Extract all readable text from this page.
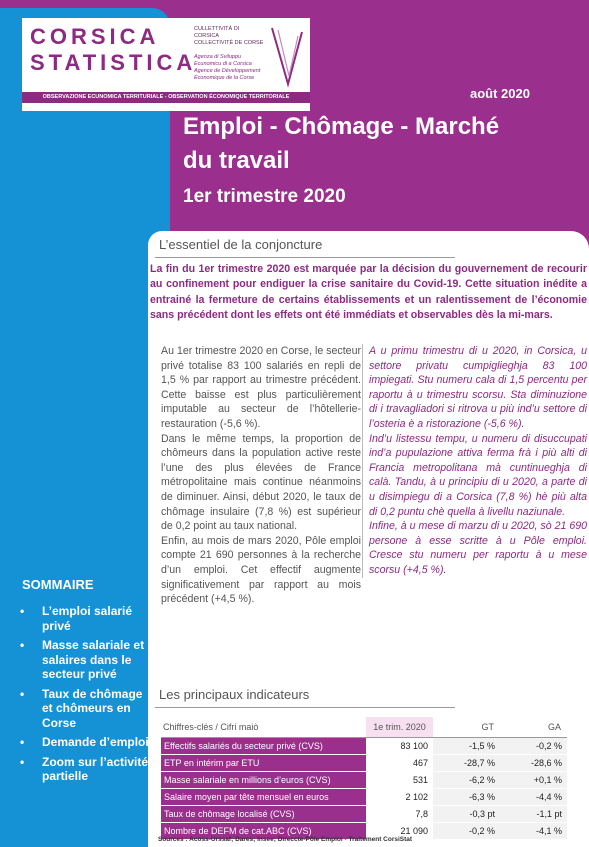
CORSICA
STATISTICA
CULLETTIVITÀ DI CORSICA
COLLECTIVITÉ DE CORSE
Agenza di Sviluppu Ecunomicu di a Corsica
Agence de Développement Économique de la Corse
OBSERVAZIONE ECUNOMICA TERRITURIALE - OBSERVATION ÉCONOMIQUE TERRITORIALE	août 2020
Emploi - Chômage - Marché
du travail
1er trimestre 2020
L’essentiel de la conjoncture
La fin du 1er trimestre 2020 est marquée par la décision du gouvernement de recourir au confinement pour endiguer la crise sanitaire du Covid-19. Cette situation inédite a entrainé la fermeture de certains établissements et un ralentissement de l’économie sans précédent dont les effets ont été immédiats et observables dès la mi-mars.

Au 1er trimestre 2020 en Corse, le secteur privé totalise 83 100 salariés en repli de 1,5 % par rapport au trimestre précédent. Cette baisse est plus particulièrement imputable au secteur de l’hôtellerie-restauration (-5,6 %).

Dans le même temps, la proportion de chômeurs dans la population active reste l’une des plus élevées de France métropolitaine mais continue néanmoins de diminuer. Ainsi, début 2020, le taux de chômage insulaire (7,8 %) est supérieur de 0,2 point au taux national.

Enfin, au mois de mars 2020, Pôle emploi compte 21 690 personnes à la recherche d’un emploi. Cet effectif augmente significativement par rapport au mois précédent (+4,5 %).

A u primu trimestru di u 2020, in Corsica, u settore privatu cumpiglieghja 83 100 impiegati. Stu numeru cala di 1,5 percentu per raportu à u trimestru scorsu. Sta diminuzione di i travagliadori si ritrova u più ind’u settore di l’osteria è a ristorazione (-5,6 %).

Ind’u listessu tempu, u numeru di disuccupati ind’a pupulazione attiva ferma frà i più alti di Francia metropolitana mà cuntinueghja di calà. Tandu, à u principiu di u 2020, a parte di u disimpiegu di a Corsica (7,8 %) hè più alta di 0,2 puntu chè quella à livellu naziunale.

Infine, à u mese di marzu di u 2020, sò 21 690 persone à esse scritte à u Pôle emploi. Cresce stu numeru per raportu à u mese scorsu (+4,5 %).

Les principaux indicateurs
Chiffres-clés / Cifri maiò	1e trim. 2020	GT	GA
Effectifs salariés du secteur privé (CVS)	83 100	-1,5 %	-0,2 %
ETP en intérim par ETU	467	-28,7 %	-28,6 %
Masse salariale en millions d’euros (CVS)	531	-6,2 %	+0,1 %
Salaire moyen par tête mensuel en euros	2 102	-6,3 %	-4,4 %
Taux de chômage localisé (CVS)	7,8	-0,3 pt	-1,1 pt
Nombre de DEFM de cat.ABC (CVS)	21 090	-0,2 %	-4,1 %
Sources : Acoss-Urssaf; Dares; Insee; Direccte-Pôle Emploi - Traitement CorsiStat
SOMMAIRE
• L’emploi salarié privé
• Masse salariale et salaires dans le secteur privé
• Taux de chômage et chômeurs en Corse
• Demande d’emploi
• Zoom sur l’activité partielle
